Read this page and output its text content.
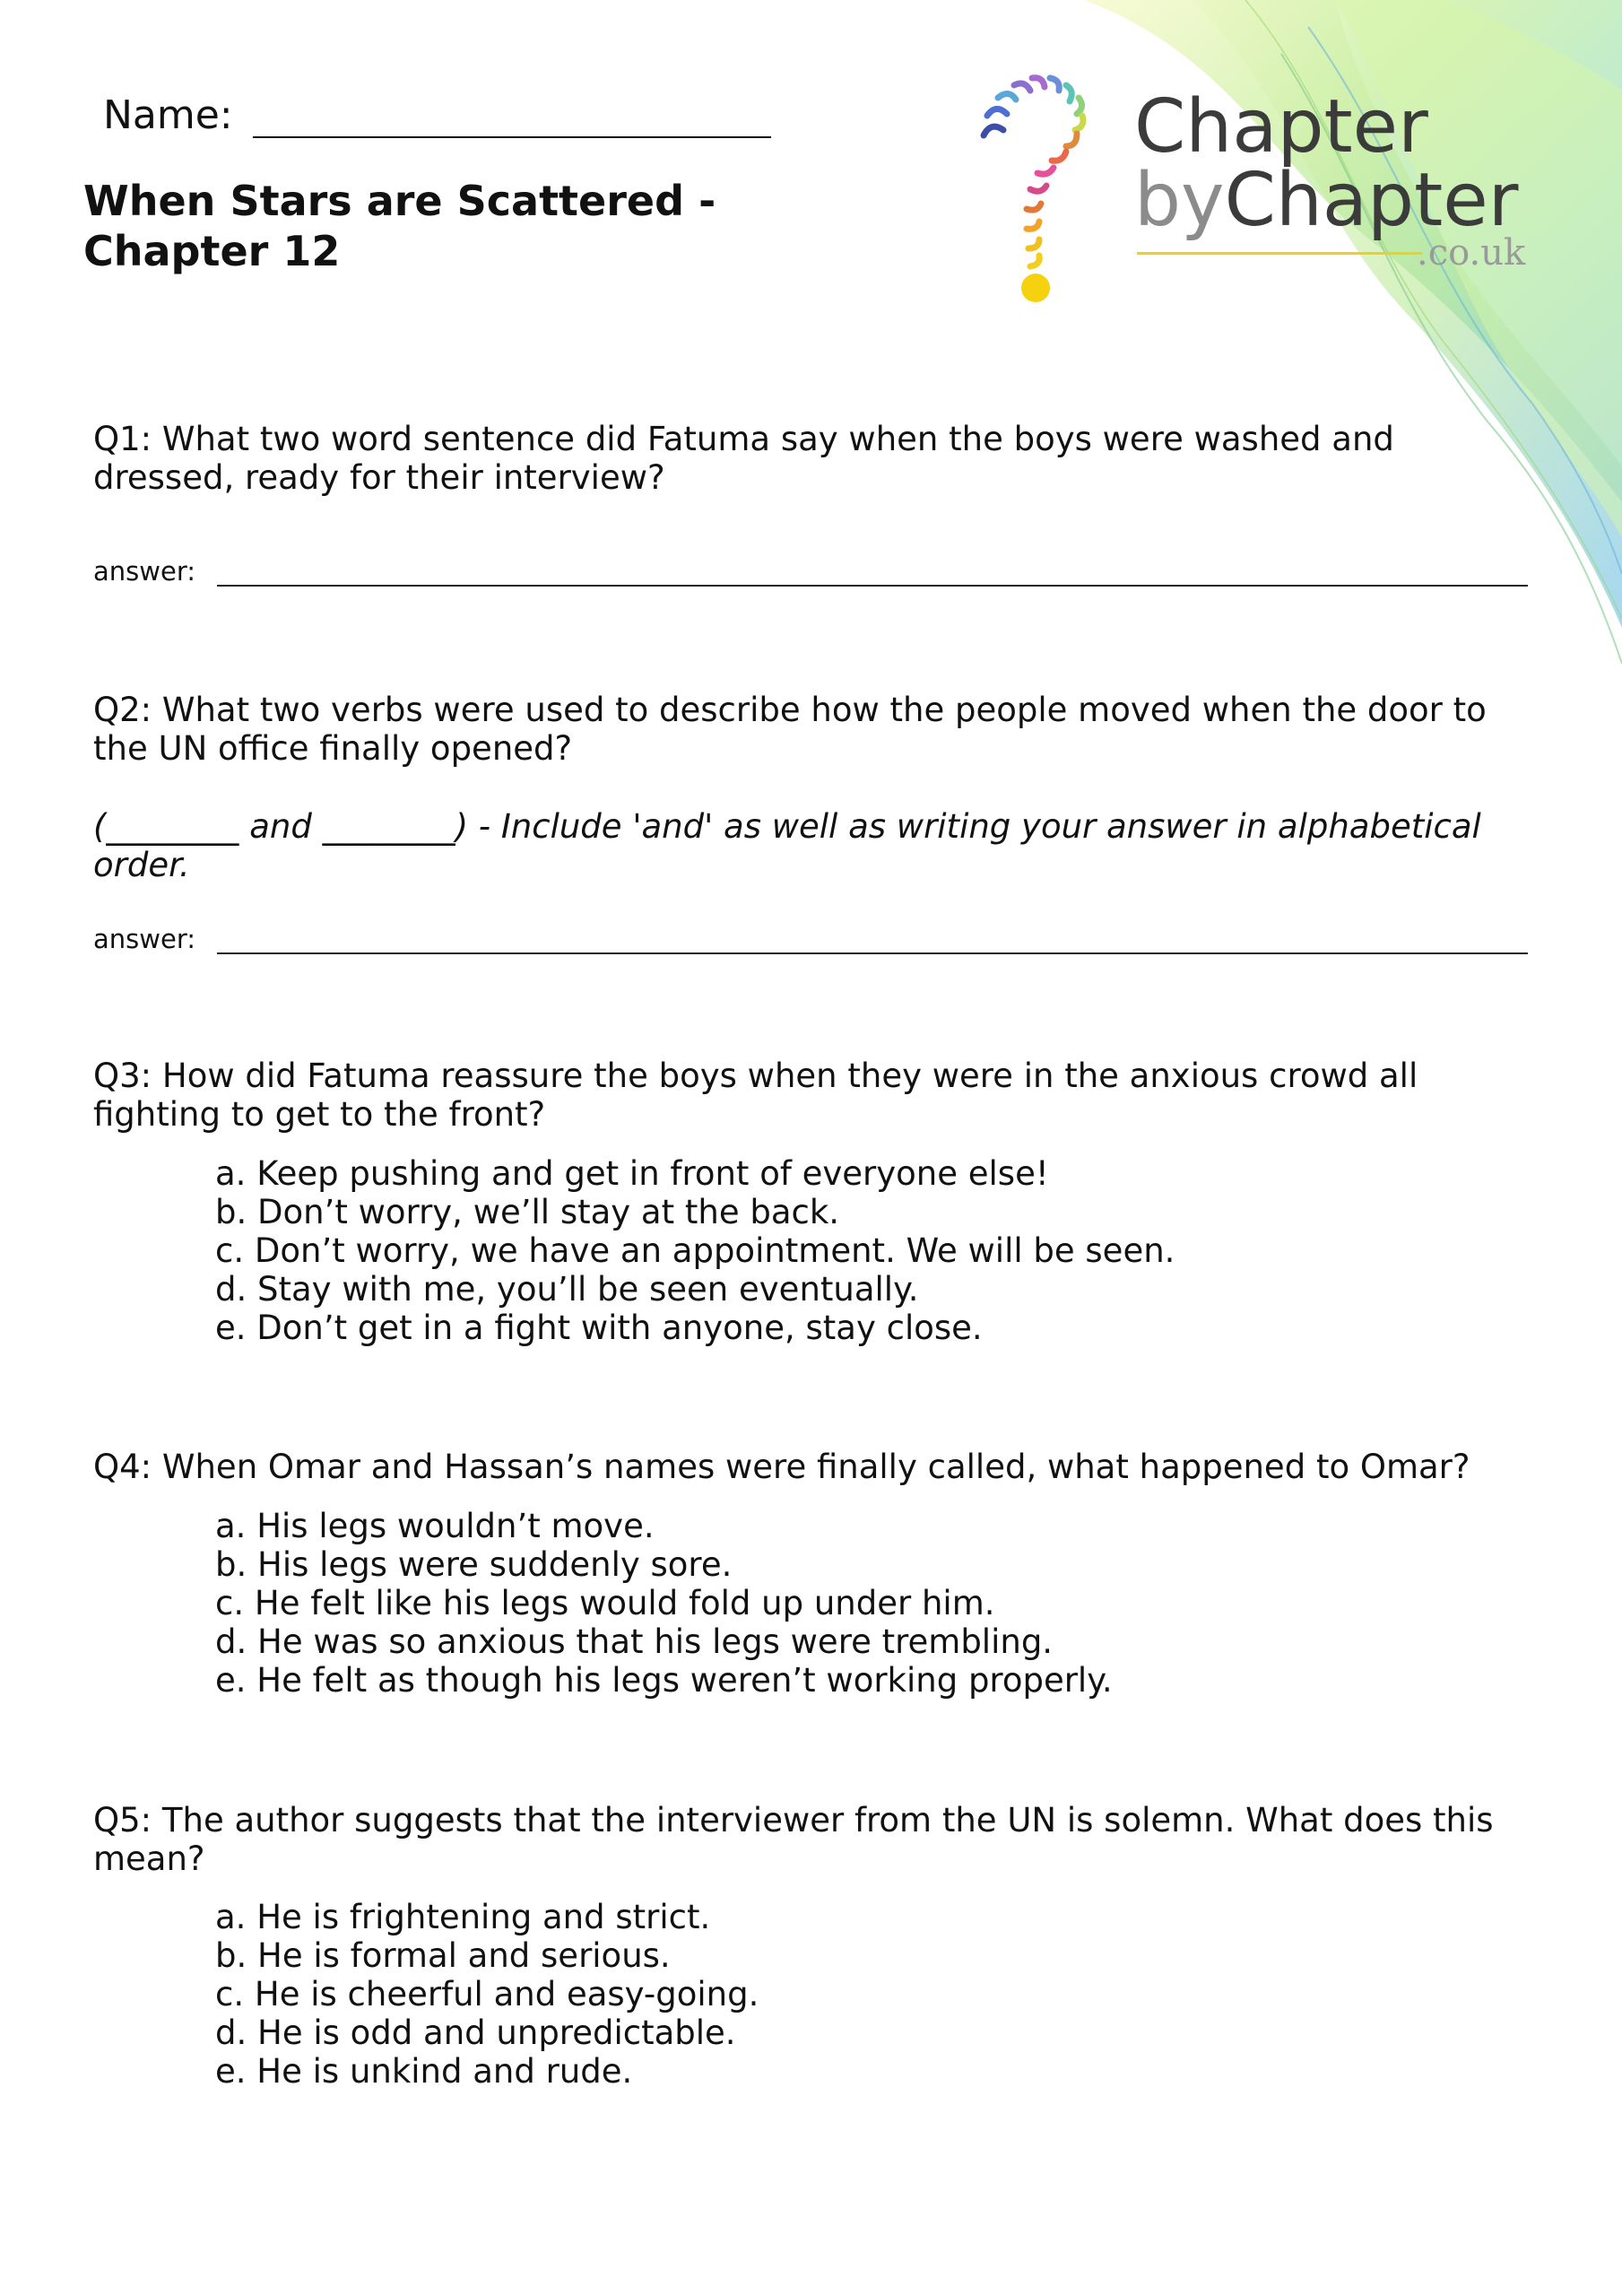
Name:
When Stars are Scattered - Chapter 12
Chapter
byChapter
.co.uk
Q1: What two word sentence did Fatuma say when the boys were washed and dressed, ready for their interview?
answer:
Q2: What two verbs were used to describe how the people moved when the door to the UN office finally opened?
(________ and ________) - Include 'and' as well as writing your answer in alphabetical order.
answer:
Q3: How did Fatuma reassure the boys when they were in the anxious crowd all fighting to get to the front?
a. Keep pushing and get in front of everyone else!
b. Don’t worry, we’ll stay at the back.
c. Don’t worry, we have an appointment. We will be seen.
d. Stay with me, you’ll be seen eventually.
e. Don’t get in a fight with anyone, stay close.
Q4: When Omar and Hassan’s names were finally called, what happened to Omar?
a. His legs wouldn’t move.
b. His legs were suddenly sore.
c. He felt like his legs would fold up under him.
d. He was so anxious that his legs were trembling.
e. He felt as though his legs weren’t working properly.
Q5: The author suggests that the interviewer from the UN is solemn. What does this mean?
a. He is frightening and strict.
b. He is formal and serious.
c. He is cheerful and easy-going.
d. He is odd and unpredictable.
e. He is unkind and rude.
